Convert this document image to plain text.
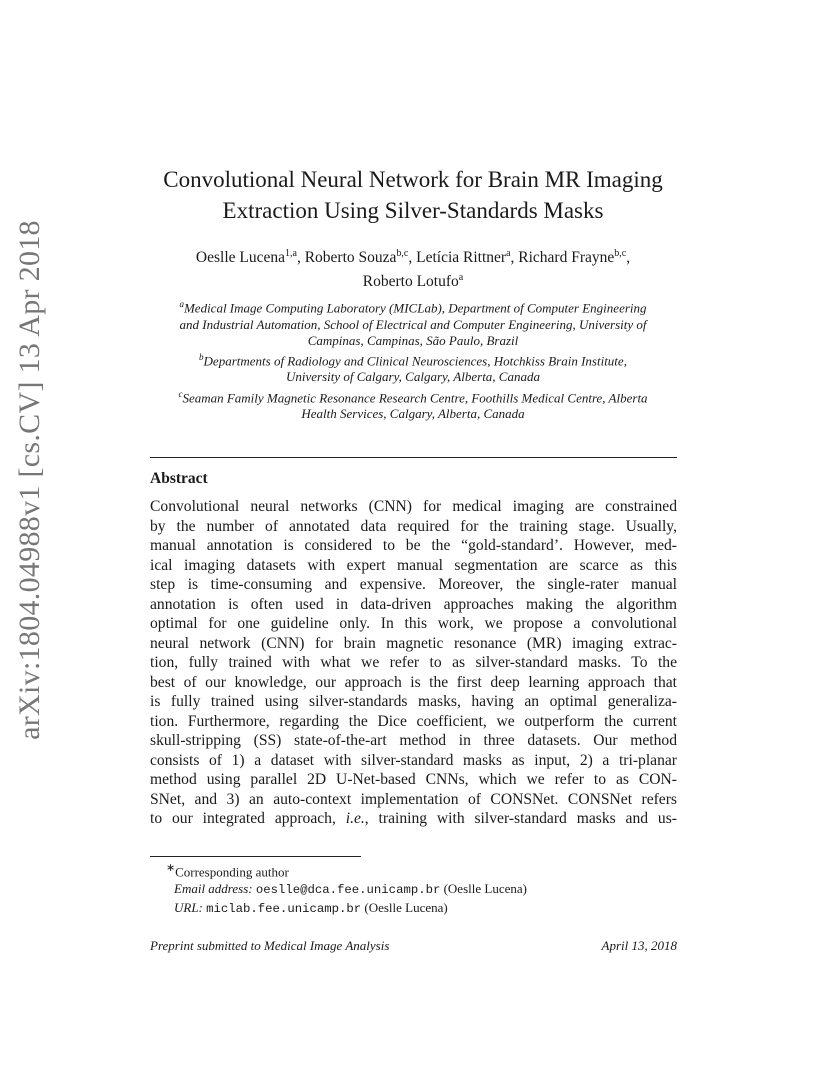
arXiv:1804.04988v1 [cs.CV] 13 Apr 2018
Convolutional Neural Network for Brain MR Imaging
Extraction Using Silver-Standards Masks
Oeslle Lucena$^{1,a}$, Roberto Souza$^{b,c}$, Letícia Rittner$^a$, Richard Frayne$^{b,c}$,
Roberto Lotufo$^a$
$^a$Medical Image Computing Laboratory (MICLab), Department of Computer Engineering
and Industrial Automation, School of Electrical and Computer Engineering, University of
Campinas, Campinas, São Paulo, Brazil
$^b$Departments of Radiology and Clinical Neurosciences, Hotchkiss Brain Institute,
University of Calgary, Calgary, Alberta, Canada
$^c$Seaman Family Magnetic Resonance Research Centre, Foothills Medical Centre, Alberta
Health Services, Calgary, Alberta, Canada
Abstract
Convolutional neural networks (CNN) for medical imaging are constrained
by the number of annotated data required for the training stage. Usually,
manual annotation is considered to be the “gold-standard’. However, med-
ical imaging datasets with expert manual segmentation are scarce as this
step is time-consuming and expensive. Moreover, the single-rater manual
annotation is often used in data-driven approaches making the algorithm
optimal for one guideline only. In this work, we propose a convolutional
neural network (CNN) for brain magnetic resonance (MR) imaging extrac-
tion, fully trained with what we refer to as silver-standard masks. To the
best of our knowledge, our approach is the first deep learning approach that
is fully trained using silver-standards masks, having an optimal generaliza-
tion. Furthermore, regarding the Dice coefficient, we outperform the current
skull-stripping (SS) state-of-the-art method in three datasets. Our method
consists of 1) a dataset with silver-standard masks as input, 2) a tri-planar
method using parallel 2D U-Net-based CNNs, which we refer to as CON-
SNet, and 3) an auto-context implementation of CONSNet. CONSNet refers
to our integrated approach, i.e., training with silver-standard masks and us-
∗Corresponding author
Email address: oeslle@dca.fee.unicamp.br (Oeslle Lucena)
URL: miclab.fee.unicamp.br (Oeslle Lucena)
Preprint submitted to Medical Image Analysis	April 13, 2018
